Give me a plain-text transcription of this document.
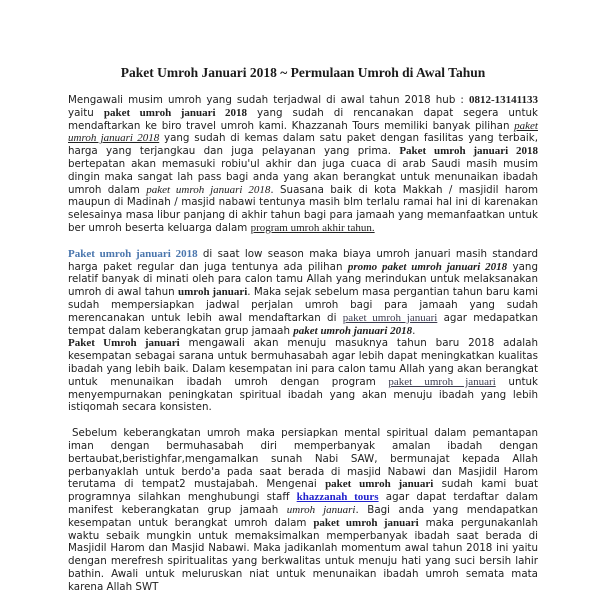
Paket Umroh Januari 2018 ~ Permulaan Umroh di Awal Tahun

Mengawali musim umroh yang sudah terjadwal di awal tahun 2018 hub : 0812-13141133 yaitu paket umroh januari 2018 yang sudah di rencanakan dapat segera untuk mendaftarkan ke biro travel umroh kami. Khazzanah Tours memiliki banyak pilihan paket umroh januari 2018 yang sudah di kemas dalam satu paket dengan fasilitas yang terbaik, harga yang terjangkau dan juga pelayanan yang prima. Paket umroh januari 2018 bertepatan akan memasuki robiu'ul akhir dan juga cuaca di arab Saudi masih musim dingin maka sangat lah pass bagi anda yang akan berangkat untuk menunaikan ibadah umroh dalam paket umroh januari 2018. Suasana baik di kota Makkah / masjidil harom maupun di Madinah / masjid nabawi tentunya masih blm terlalu ramai hal ini di karenakan selesainya masa libur panjang di akhir tahun bagi para jamaah yang memanfaatkan untuk ber umroh beserta keluarga dalam program umroh akhir tahun.

Paket umroh januari 2018 di saat low season maka biaya umroh januari masih standard harga paket regular dan juga tentunya ada pilihan promo paket umroh januari 2018 yang relatif banyak di minati oleh para calon tamu Allah yang merindukan untuk melaksanakan umroh di awal tahun umroh januari. Maka sejak sebelum masa pergantian tahun baru kami sudah mempersiapkan jadwal perjalan umroh bagi para jamaah yang sudah merencanakan untuk lebih awal mendaftarkan di paket umroh januari agar medapatkan tempat dalam keberangkatan grup jamaah paket umroh januari 2018.

Paket Umroh januari mengawali akan menuju masuknya tahun baru 2018 adalah kesempatan sebagai sarana untuk bermuhasabah agar lebih dapat meningkatkan kualitas ibadah yang lebih baik. Dalam kesempatan ini para calon tamu Allah yang akan berangkat untuk menunaikan ibadah umroh dengan program paket umroh januari untuk menyempurnakan peningkatan spiritual ibadah yang akan menuju ibadah yang lebih istiqomah secara konsisten.

Sebelum keberangkatan umroh maka persiapkan mental spiritual dalam pemantapan iman dengan bermuhasabah diri memperbanyak amalan ibadah dengan bertaubat,beristighfar,mengamalkan sunah Nabi SAW, bermunajat kepada Allah perbanyaklah untuk berdo'a pada saat berada di masjid Nabawi dan Masjidil Harom terutama di tempat2 mustajabah. Mengenai paket umroh januari sudah kami buat programnya silahkan menghubungi staff khazzanah tours agar dapat terdaftar dalam manifest keberangkatan grup jamaah umroh januari. Bagi anda yang mendapatkan kesempatan untuk berangkat umroh dalam paket umroh januari maka pergunakanlah waktu sebaik mungkin untuk memaksimalkan memperbanyak ibadah saat berada di Masjidil Harom dan Masjid Nabawi. Maka jadikanlah momentum awal tahun 2018 ini yaitu dengan merefresh spiritualitas yang berkwalitas untuk menuju hati yang suci bersih lahir bathin. Awali untuk meluruskan niat untuk menunaikan ibadah umroh semata mata karena Allah SWT
